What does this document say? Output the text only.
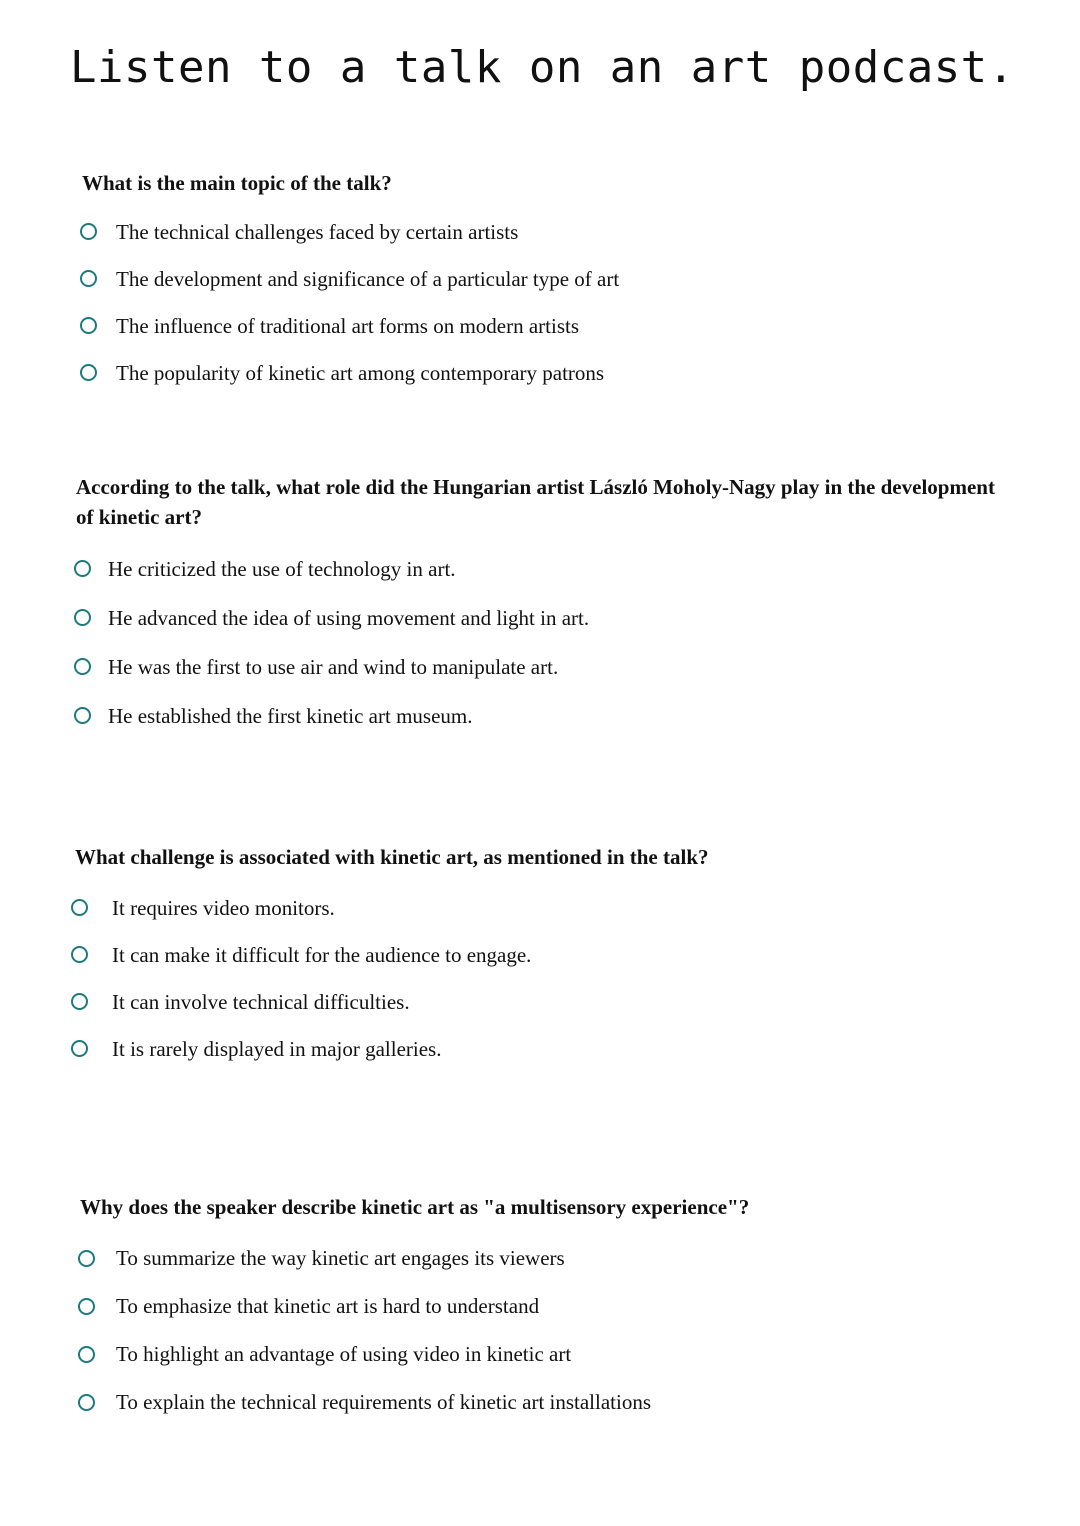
Listen to a talk on an art podcast.

What is the main topic of the talk?

The technical challenges faced by certain artists
The development and significance of a particular type of art
The influence of traditional art forms on modern artists
The popularity of kinetic art among contemporary patrons

According to the talk, what role did the Hungarian artist László Moholy-Nagy play in the development of kinetic art?

He criticized the use of technology in art.
He advanced the idea of using movement and light in art.
He was the first to use air and wind to manipulate art.
He established the first kinetic art museum.

What challenge is associated with kinetic art, as mentioned in the talk?

It requires video monitors.
It can make it difficult for the audience to engage.
It can involve technical difficulties.
It is rarely displayed in major galleries.

Why does the speaker describe kinetic art as "a multisensory experience"?

To summarize the way kinetic art engages its viewers
To emphasize that kinetic art is hard to understand
To highlight an advantage of using video in kinetic art
To explain the technical requirements of kinetic art installations
